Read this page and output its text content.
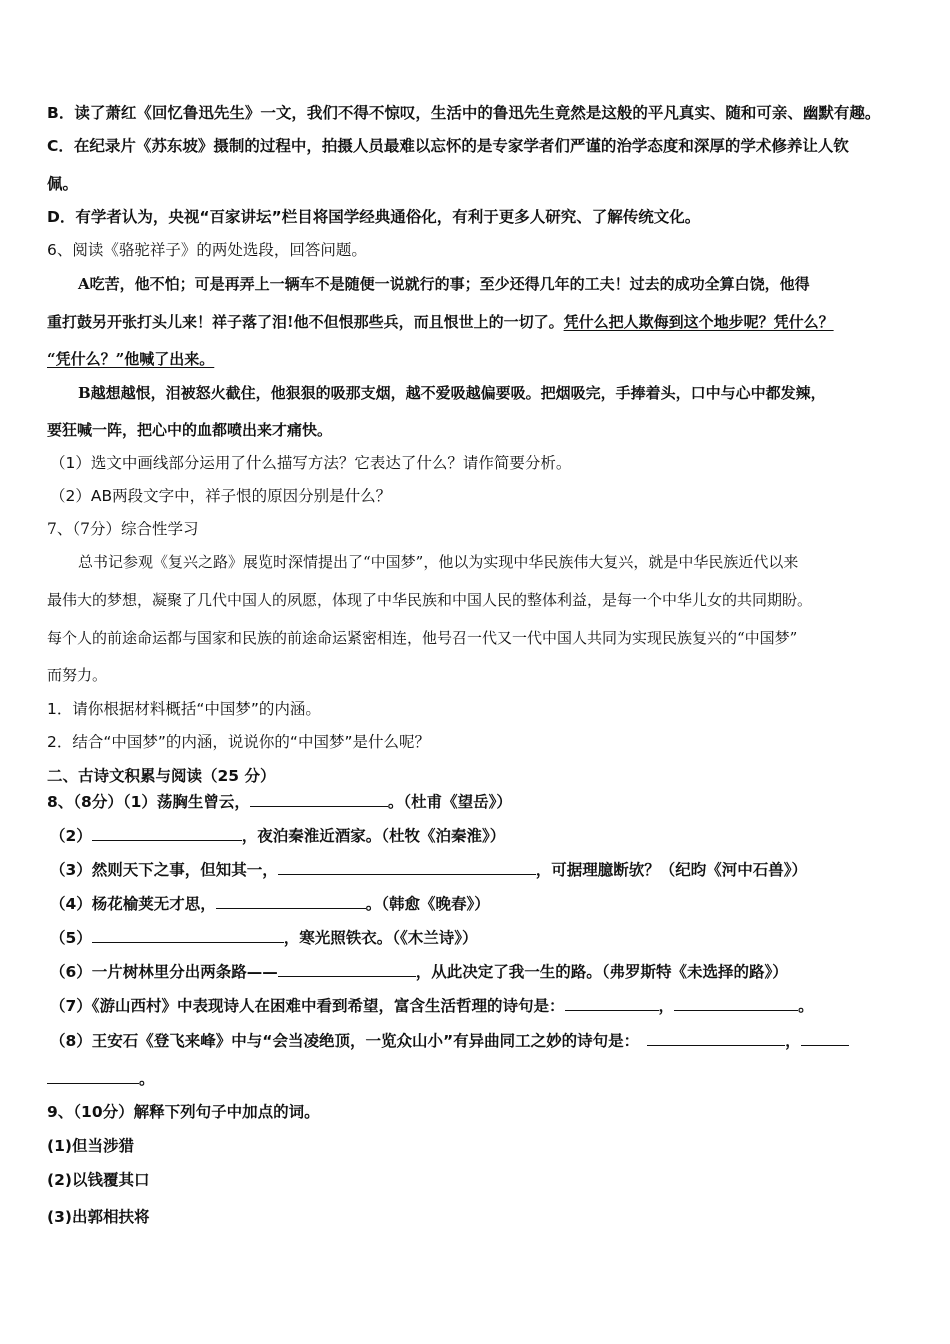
B．读了萧红《回忆鲁迅先生》一文，我们不得不惊叹，生活中的鲁迅先生竟然是这般的平凡真实、随和可亲、幽默有趣。
C．在纪录片《苏东坡》摄制的过程中，拍摄人员最难以忘怀的是专家学者们严谨的治学态度和深厚的学术修养让人钦
佩。
D．有学者认为，央视“百家讲坛”栏目将国学经典通俗化，有利于更多人研究、了解传统文化。
6、阅读《骆驼祥子》的两处选段，回答问题。
A吃苦，他不怕；可是再弄上一辆车不是随便一说就行的事；至少还得几年的工夫！过去的成功全算白饶，他得
重打鼓另开张打头儿来！祥子落了泪!他不但恨那些兵，而且恨世上的一切了。凭什么把人欺侮到这个地步呢？凭什么？
“凭什么？”他喊了出来。
B越想越恨，泪被怒火截住，他狠狠的吸那支烟，越不爱吸越偏要吸。把烟吸完，手捧着头，口中与心中都发辣，
要狂喊一阵，把心中的血都喷出来才痛快。
（1）选文中画线部分运用了什么描写方法？它表达了什么？请作简要分析。
（2）AB两段文字中，祥子恨的原因分别是什么？
7、（7分）综合性学习
总书记参观《复兴之路》展览时深情提出了“中国梦”，他以为实现中华民族伟大复兴，就是中华民族近代以来
最伟大的梦想，凝聚了几代中国人的夙愿，体现了中华民族和中国人民的整体利益，是每一个中华儿女的共同期盼。
每个人的前途命运都与国家和民族的前途命运紧密相连，他号召一代又一代中国人共同为实现民族复兴的“中国梦”
而努力。
1．请你根据材料概括“中国梦”的内涵。
2．结合“中国梦”的内涵，说说你的“中国梦”是什么呢？
二、古诗文积累与阅读（25 分）
8、（8分）（1）荡胸生曾云，	。（杜甫《望岳》）
（2）	，夜泊秦淮近酒家。（杜牧《泊秦淮》）
（3）然则天下之事，但知其一，	，可据理臆断欤？（纪昀《河中石兽》）
（4）杨花榆荚无才思，	。（韩愈《晚春》）
（5）	，寒光照铁衣。（《木兰诗》）
（6）一片树林里分出两条路——	，从此决定了我一生的路。（弗罗斯特《未选择的路》）
（7）《游山西村》中表现诗人在困难中看到希望，富含生活哲理的诗句是：	，	。
（8）王安石《登飞来峰》中与“会当凌绝顶，一览众山小”有异曲同工之妙的诗句是：	，
。
9、（10分）解释下列句子中加点的词。
(1)但当涉猎
(2)以钱覆其口
(3)出郭相扶将
